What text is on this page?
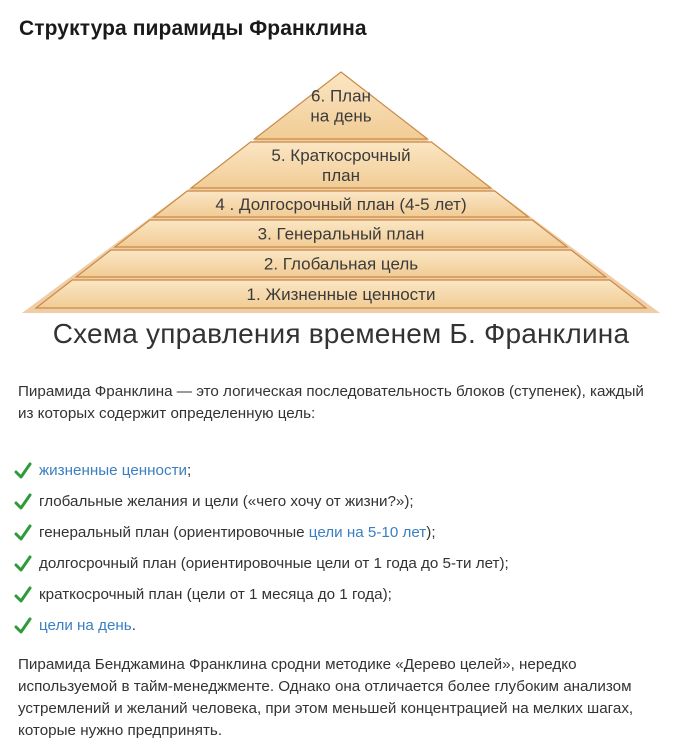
Структура пирамиды Франклина
6. План
на день
5. Краткосрочный
план
4 . Долгосрочный план (4-5 лет)
3. Генеральный план
2. Глобальная цель
1. Жизненные ценности
Схема управления временем Б. Франклина

Пирамида Франклина — это логическая последовательность блоков (ступенек), каждый из которых содержит определенную цель:

жизненные ценности;
глобальные желания и цели («чего хочу от жизни?»);
генеральный план (ориентировочные цели на 5-10 лет);
долгосрочный план (ориентировочные цели от 1 года до 5-ти лет);
краткосрочный план (цели от 1 месяца до 1 года);
цели на день.

Пирамида Бенджамина Франклина сродни методике «Дерево целей», нередко используемой в тайм-менеджменте. Однако она отличается более глубоким анализом устремлений и желаний человека, при этом меньшей концентрацией на мелких шагах, которые нужно предпринять.
